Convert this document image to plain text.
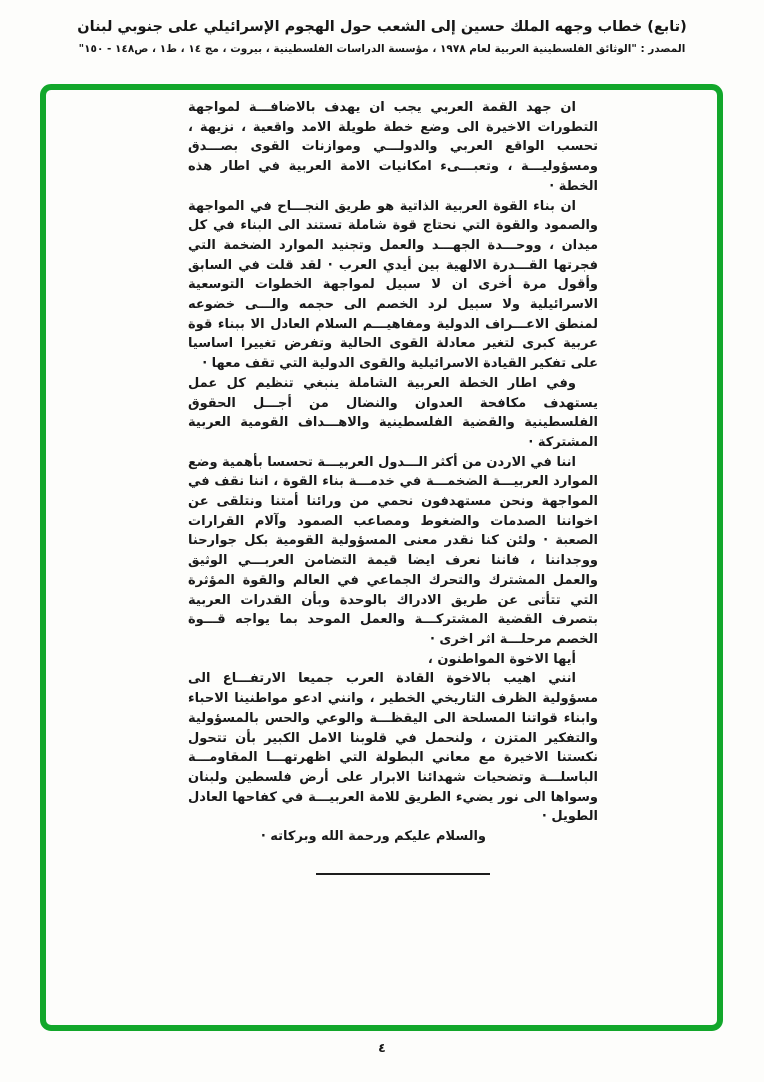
(تابع) خطاب وجهه الملك حسين إلى الشعب حول الهجوم الإسرائيلي على جنوبي لبنان
المصدر : "الوثائق الفلسطينية العربية لعام ١٩٧٨ ، مؤسسة الدراسات الفلسطينية ، بيروت ، مج ١٤ ، ط١ ، ص١٤٨ - ١٥٠"

ان جهد القمة العربي يجب ان يهدف بالاضافـــة لمواجهة التطورات الاخيرة الى وضع خطة طويلة الامد واقعية ، نزيهة ، تحسب الواقع العربي والدولـــي وموازنات القوى بصـــدق ومسؤوليـــة ، وتعبـــىء امكانيات الامة العربية في اطار هذه الخطة ·

ان بناء القوة العربية الذاتية هو طريق النجـــاح في المواجهة والصمود والقوة التي نحتاج قوة شاملة تستند الى البناء في كل ميدان ، ووحـــدة الجهـــد والعمل وتجنيد الموارد الضخمة التي فجرتها القـــدرة الالهية بين أيدي العرب · لقد قلت في السابق وأقول مرة أخرى ان لا سبيل لمواجهة الخطوات التوسعية الاسرائيلية ولا سبيل لرد الخصم الى حجمه والـــى خضوعه لمنطق الاعـــراف الدولية ومفاهيـــم السلام العادل الا ببناء قوة عربية كبرى لتغير معادلة القوى الحالية وتفرض تغييرا اساسيا على تفكير القيادة الاسرائيلية والقوى الدولية التي تقف معها ·

وفي اطار الخطة العربية الشاملة ينبغي تنظيم كل عمل يستهدف مكافحة العدوان والنضال من أجـــل الحقوق الفلسطينية والقضية الفلسطينية والاهـــداف القومية العربية المشتركة ·

اننا في الاردن من أكثر الـــدول العربيـــة تحسسا بأهمية وضع الموارد العربيـــة الضخمـــة في خدمـــة بناء القوة ، اننا نقف في المواجهة ونحن مستهدفون نحمي من ورائنا أمتنا ونتلقى عن اخواننا الصدمات والضغوط ومصاعب الصمود وآلام القرارات الصعبة · ولئن كنا نقدر معنى المسؤولية القومية بكل جوارحنا ووجداننا ، فاننا نعرف ايضا قيمة التضامن العربـــي الوثيق والعمل المشترك والتحرك الجماعي في العالم والقوة المؤثرة التي تتأتى عن طريق الادراك بالوحدة وبأن القدرات العربية بتصرف القضية المشتركـــة والعمل الموحد بما يواجه قـــوة الخصم مرحلـــة اثر اخرى ·

أيها الاخوة المواطنون ،

انني اهيب بالاخوة القادة العرب جميعا الارتفـــاع الى مسؤولية الظرف التاريخي الخطير ، وانني ادعو مواطنينا الاحباء وابناء قواتنا المسلحة الى اليقظـــة والوعي والحس بالمسؤولية والتفكير المتزن ، ولنحمل في قلوبنا الامل الكبير بأن تتحول نكستنا الاخيرة مع معاني البطولة التي اظهرتهـــا المقاومـــة الباسلـــة وتضحيات شهدائنا الابرار على أرض فلسطين ولبنان وسواها الى نور يضيء الطريق للامة العربيـــة في كفاحها العادل الطويل ·

والسلام عليكم ورحمة الله وبركاته ·

٤
